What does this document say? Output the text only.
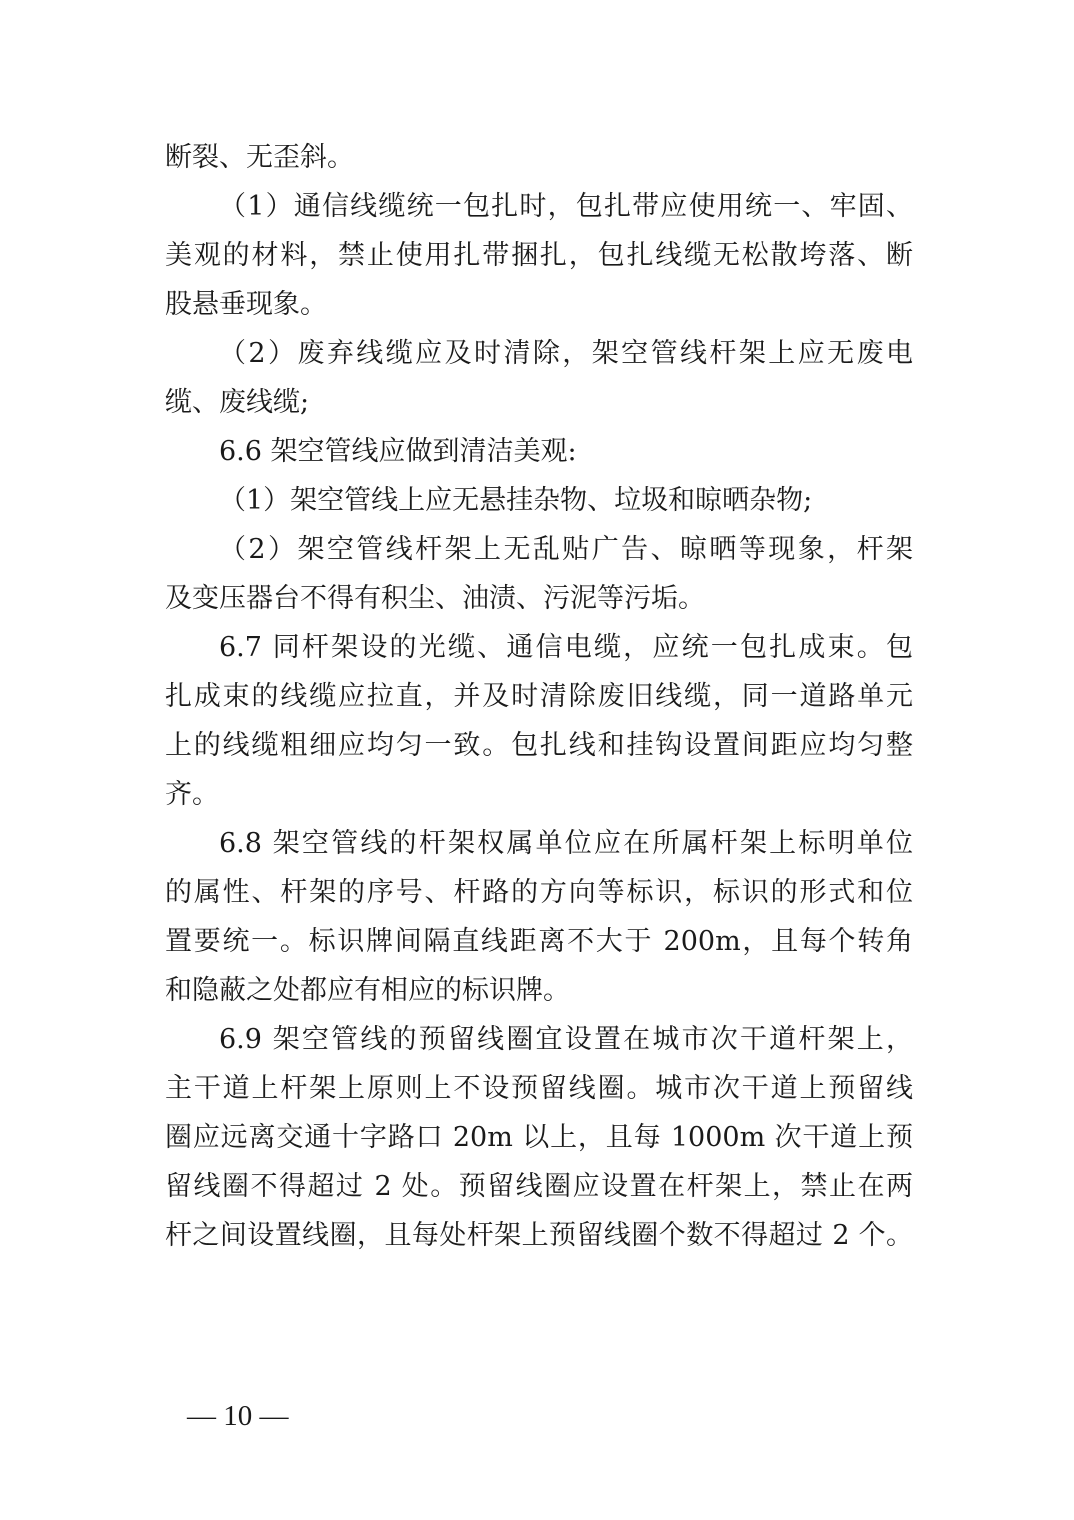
断裂、无歪斜。
（1）通信线缆统一包扎时，包扎带应使用统一、牢固、
美观的材料，禁止使用扎带捆扎，包扎线缆无松散垮落、断
股悬垂现象。
（2）废弃线缆应及时清除，架空管线杆架上应无废电
缆、废线缆;
6.6 架空管线应做到清洁美观:
（1）架空管线上应无悬挂杂物、垃圾和晾晒杂物;
（2）架空管线杆架上无乱贴广告、晾晒等现象，杆架
及变压器台不得有积尘、油渍、污泥等污垢。
6.7 同杆架设的光缆、通信电缆，应统一包扎成束。包
扎成束的线缆应拉直，并及时清除废旧线缆，同一道路单元
上的线缆粗细应均匀一致。包扎线和挂钩设置间距应均匀整
齐。
6.8 架空管线的杆架权属单位应在所属杆架上标明单位
的属性、杆架的序号、杆路的方向等标识，标识的形式和位
置要统一。标识牌间隔直线距离不大于 200m，且每个转角
和隐蔽之处都应有相应的标识牌。
6.9 架空管线的预留线圈宜设置在城市次干道杆架上，
主干道上杆架上原则上不设预留线圈。城市次干道上预留线
圈应远离交通十字路口 20m 以上，且每 1000m 次干道上预
留线圈不得超过 2 处。预留线圈应设置在杆架上，禁止在两
杆之间设置线圈，且每处杆架上预留线圈个数不得超过 2 个。
— 10 —
